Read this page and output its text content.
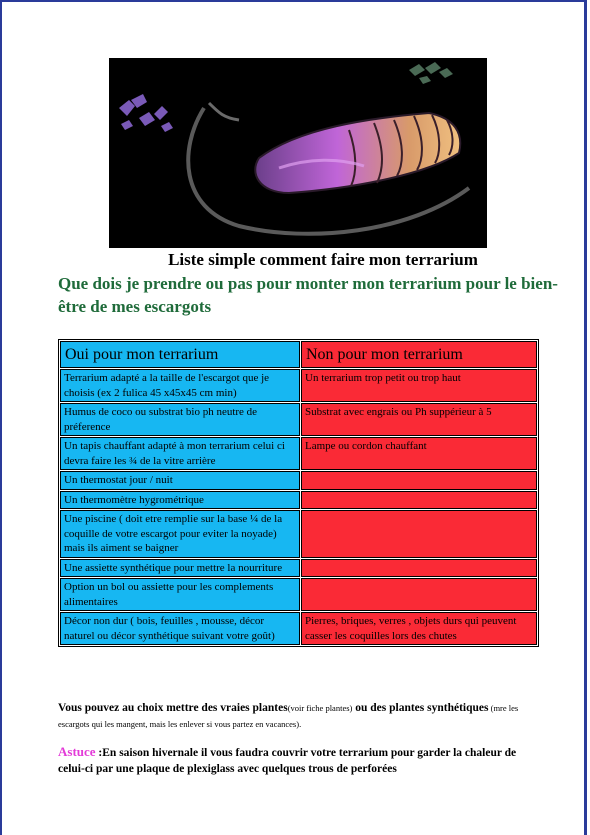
Liste simple comment faire mon terrarium
Que dois je prendre ou pas pour monter mon terrarium pour le bien-être de mes escargots
Oui pour mon terrarium	Non pour mon terrarium
Terrarium adapté a la taille de l'escargot que je choisis (ex 2 fulica 45 x45x45 cm min)	Un terrarium trop petit ou trop haut
Humus de coco ou substrat bio ph neutre de préference	Substrat avec engrais ou Ph suppérieur à 5
Un tapis chauffant adapté à mon terrarium celui ci devra faire les ¾ de la vitre arrière	Lampe ou cordon chauffant
Un thermostat jour / nuit	
Un thermomètre hygrométrique	
Une piscine ( doit etre remplie sur la base ¼ de la coquille de votre escargot pour eviter la noyade) mais ils aiment se baigner	
Une assiette synthétique pour mettre la nourriture	
Option un bol ou assiette pour les complements alimentaires	
Décor non dur ( bois, feuilles , mousse, décor naturel ou décor synthétique suivant votre goût)	Pierres, briques, verres , objets durs qui peuvent casser les coquilles lors des chutes
Vous pouvez au choix mettre des vraies plantes(voir fiche plantes) ou des plantes synthétiques (mre les escargots qui les mangent, mais les enlever si vous partez en vacances).
Astuce :En saison hivernale il vous faudra couvrir votre terrarium pour garder la chaleur de celui-ci par une plaque de plexiglass avec quelques trous de perforées
